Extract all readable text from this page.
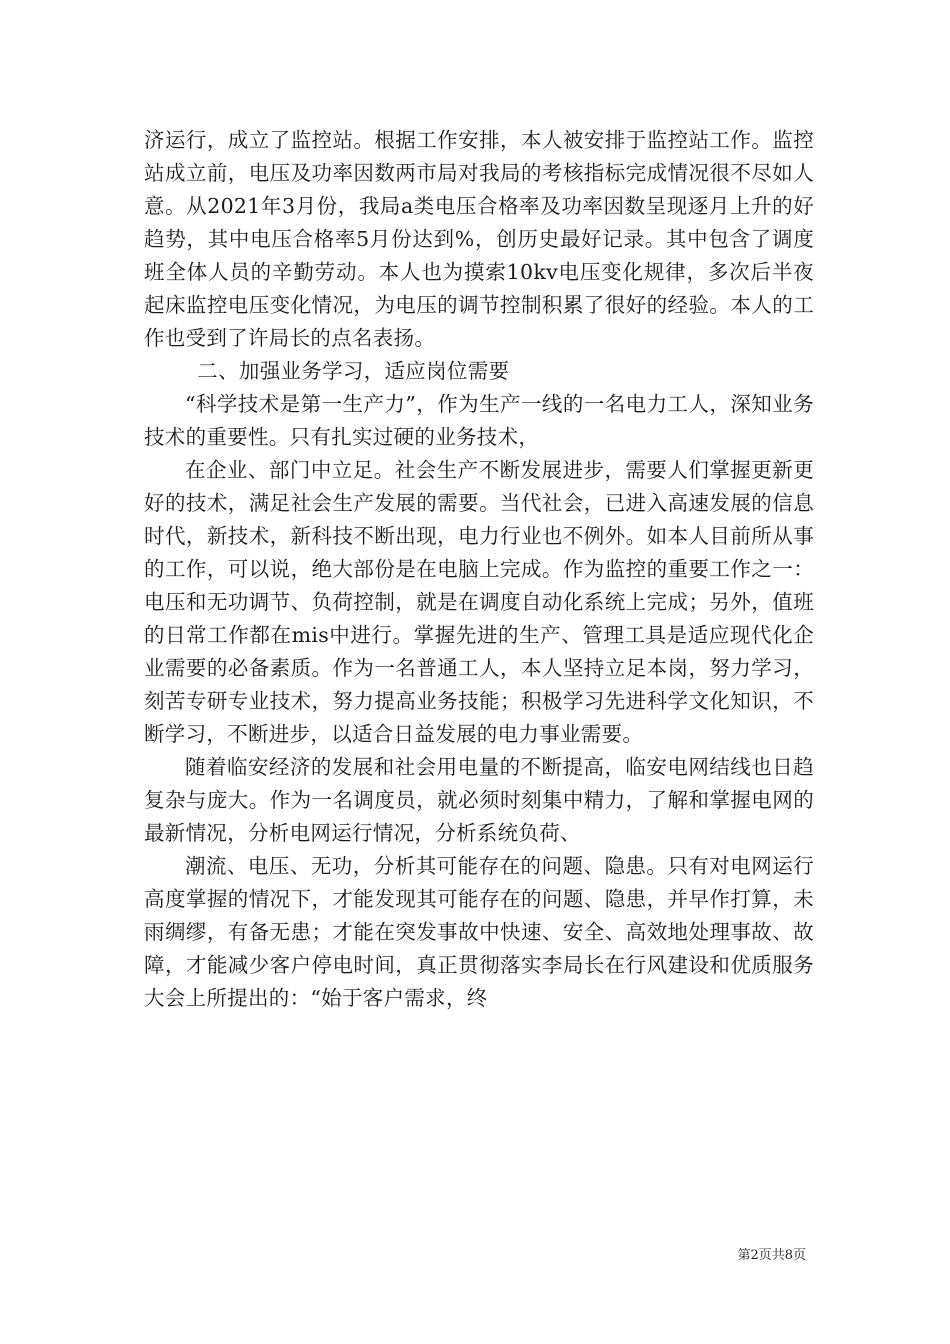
济运行，成立了监控站。根据工作安排，本人被安排于监控站工作。监控站成立前，电压及功率因数两市局对我局的考核指标完成情况很不尽如人意。从2021年3月份，我局a类电压合格率及功率因数呈现逐月上升的好趋势，其中电压合格率5月份达到%，创历史最好记录。其中包含了调度班全体人员的辛勤劳动。本人也为摸索10kv电压变化规律，多次后半夜起床监控电压变化情况，为电压的调节控制积累了很好的经验。本人的工作也受到了许局长的点名表扬。

二、加强业务学习，适应岗位需要

“科学技术是第一生产力”，作为生产一线的一名电力工人，深知业务技术的重要性。只有扎实过硬的业务技术，

在企业、部门中立足。社会生产不断发展进步，需要人们掌握更新更好的技术，满足社会生产发展的需要。当代社会，已进入高速发展的信息时代，新技术，新科技不断出现，电力行业也不例外。如本人目前所从事的工作，可以说，绝大部份是在电脑上完成。作为监控的重要工作之一：电压和无功调节、负荷控制，就是在调度自动化系统上完成；另外，值班的日常工作都在mis中进行。掌握先进的生产、管理工具是适应现代化企业需要的必备素质。作为一名普通工人，本人坚持立足本岗，努力学习，刻苦专研专业技术，努力提高业务技能；积极学习先进科学文化知识，不断学习，不断进步，以适合日益发展的电力事业需要。

随着临安经济的发展和社会用电量的不断提高，临安电网结线也日趋复杂与庞大。作为一名调度员，就必须时刻集中精力，了解和掌握电网的最新情况，分析电网运行情况，分析系统负荷、

潮流、电压、无功，分析其可能存在的问题、隐患。只有对电网运行高度掌握的情况下，才能发现其可能存在的问题、隐患，并早作打算，未雨绸缪，有备无患；才能在突发事故中快速、安全、高效地处理事故、故障，才能减少客户停电时间，真正贯彻落实李局长在行风建设和优质服务大会上所提出的：“始于客户需求，终

第2页共8页
